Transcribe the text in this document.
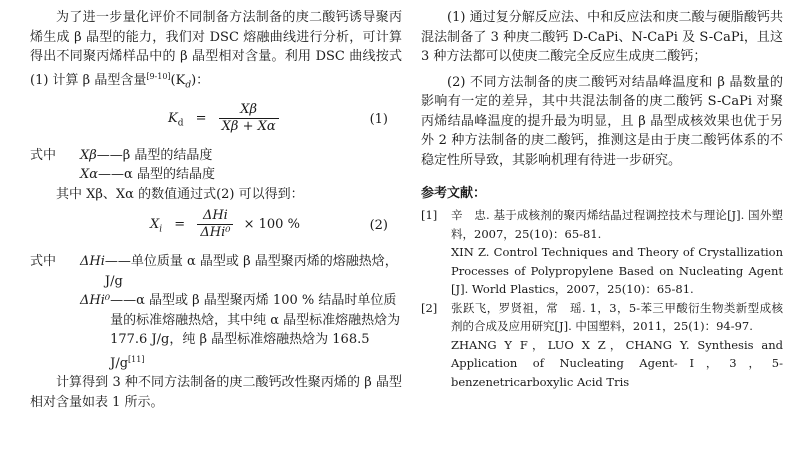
为了进一步量化评价不同制备方法制备的庚二酸钙诱导聚丙烯生成 β 晶型的能力，我们对 DSC 熔融曲线进行分析，可计算得出不同聚丙烯样品中的 β 晶型相对含量。利用 DSC 曲线按式(1) 计算 β 晶型含量$[9-10](K_d)$：

$K_d = \frac{X\beta}{X\beta + X\alpha}$	(1)
式中	Xβ ——β 晶型的结晶度
Xα ——α 晶型的结晶度

其中 Xβ、Xα 的数值通过式(2) 可以得到：

$X_i = \frac{\text{ΔHi}}{\text{ΔHi⁰}} \times 100$ %	(2)
式中	ΔHi ——单位质量 α 晶型或 β 晶型聚丙烯的熔融热焓，J/g
ΔHi⁰ ——α 晶型或 β 晶型聚丙烯 100 % 结晶时单位质量的标准熔融热焓，其中纯 α 晶型标准熔融热焓为 177.6 J/g，纯 β 晶型标准熔融热焓为 168.5 J/g[11]

计算得到 3 种不同方法制备的庚二酸钙改性聚丙烯的 β 晶型相对含量如表 1 所示。

(1) 通过复分解反应法、中和反应法和庚二酸与硬脂酸钙共混法制备了 3 种庚二酸钙 D-CaPi、N-CaPi 及 S-CaPi，且这 3 种方法都可以使庚二酸完全反应生成庚二酸钙；

(2) 不同方法制备的庚二酸钙对结晶峰温度和 β 晶数量的影响有一定的差异，其中共混法制备的庚二酸钙 S-CaPi 对聚丙烯结晶峰温度的提升最为明显，且 β 晶型成核效果也优于另外 2 种方法制备的庚二酸钙，推测这是由于庚二酸钙体系的不稳定性所导致，其影响机理有待进一步研究。

参考文献：

[1]	辛　忠. 基于成核剂的聚丙烯结晶过程调控技术与理论[J]. 国外塑料，2007，25(10)：65-81.
XIN Z. Control Techniques and Theory of Crystallization Processes of Polypropylene Based on Nucleating Agent [J]. World Plastics，2007，25(10)：65-81.
[2]	张跃飞，罗贤祖，常　瑶. 1，3，5-苯三甲酸衍生物类新型成核剂的合成及应用研究[J]. 中国塑料，2011，25(1)：94-97.
ZHANG Y F，LUO X Z，CHANG Y. Synthesis and Application of Nucleating Agent-Ⅰ，3，5-benzenetricarboxylic Acid Tris
